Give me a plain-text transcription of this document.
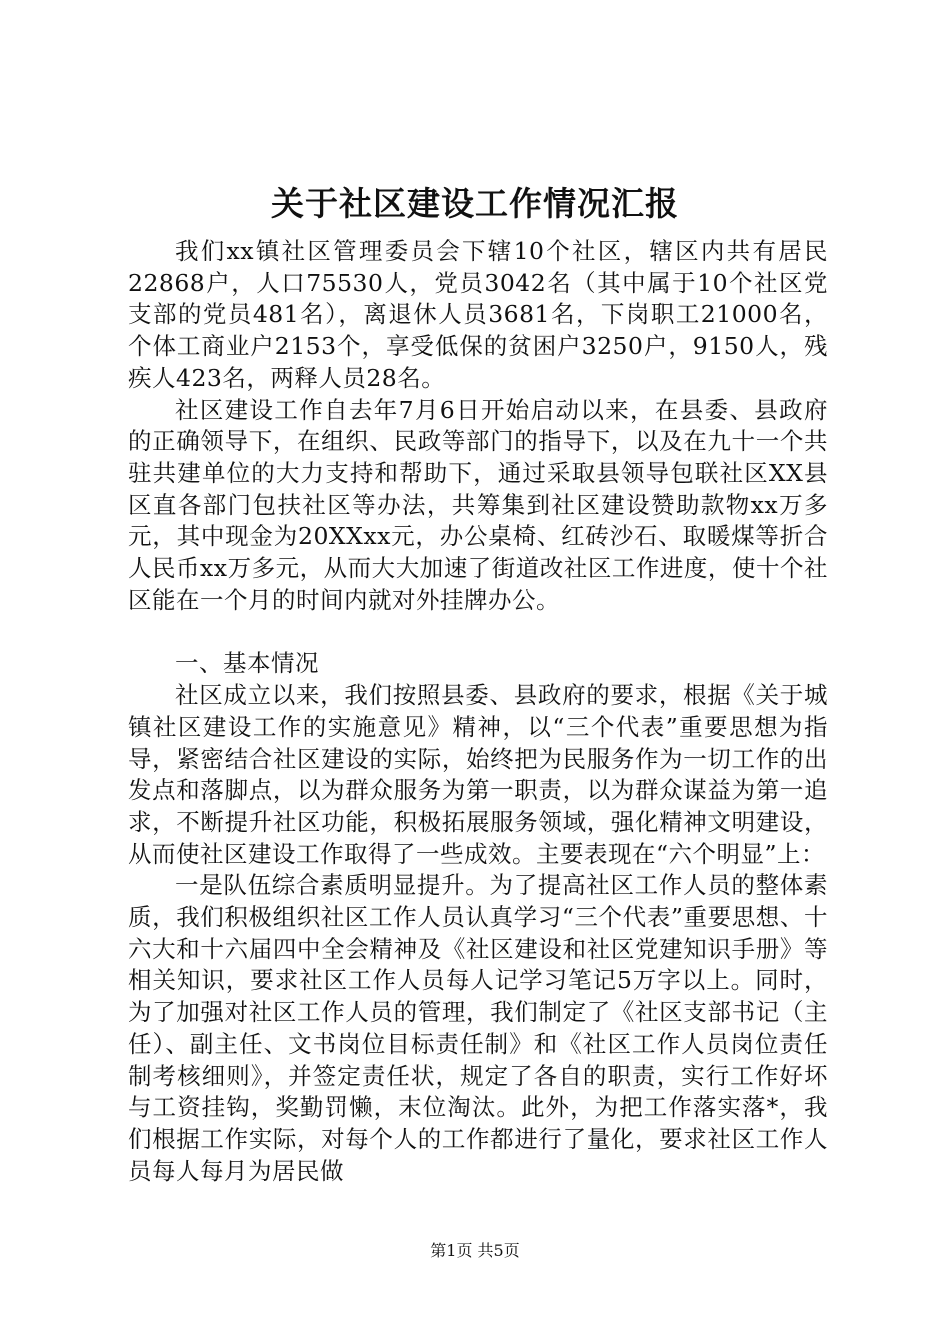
关于社区建设工作情况汇报

我们xx镇社区管理委员会下辖10个社区，辖区内共有居民22868户，人口75530人，党员3042名（其中属于10个社区党支部的党员481名），离退休人员3681名，下岗职工21000名，个体工商业户2153个，享受低保的贫困户3250户，9150人，残疾人423名，两释人员28名。

社区建设工作自去年7月6日开始启动以来，在县委、县政府的正确领导下，在组织、民政等部门的指导下，以及在九十一个共驻共建单位的大力支持和帮助下，通过采取县领导包联社区XX县区直各部门包扶社区等办法，共筹集到社区建设赞助款物xx万多元，其中现金为20XXxx元，办公桌椅、红砖沙石、取暖煤等折合人民币xx万多元，从而大大加速了街道改社区工作进度，使十个社区能在一个月的时间内就对外挂牌办公。

一、基本情况

社区成立以来，我们按照县委、县政府的要求，根据《关于城镇社区建设工作的实施意见》精神，以“三个代表”重要思想为指导，紧密结合社区建设的实际，始终把为民服务作为一切工作的出发点和落脚点，以为群众服务为第一职责，以为群众谋益为第一追求，不断提升社区功能，积极拓展服务领域，强化精神文明建设，从而使社区建设工作取得了一些成效。主要表现在“六个明显”上：

一是队伍综合素质明显提升。为了提高社区工作人员的整体素质，我们积极组织社区工作人员认真学习“三个代表”重要思想、十六大和十六届四中全会精神及《社区建设和社区党建知识手册》等相关知识，要求社区工作人员每人记学习笔记5万字以上。同时，为了加强对社区工作人员的管理，我们制定了《社区支部书记（主任）、副主任、文书岗位目标责任制》和《社区工作人员岗位责任制考核细则》，并签定责任状，规定了各自的职责，实行工作好坏与工资挂钩，奖勤罚懒，末位淘汰。此外，为把工作落实落*，我们根据工作实际，对每个人的工作都进行了量化，要求社区工作人员每人每月为居民做

第1页 共5页
